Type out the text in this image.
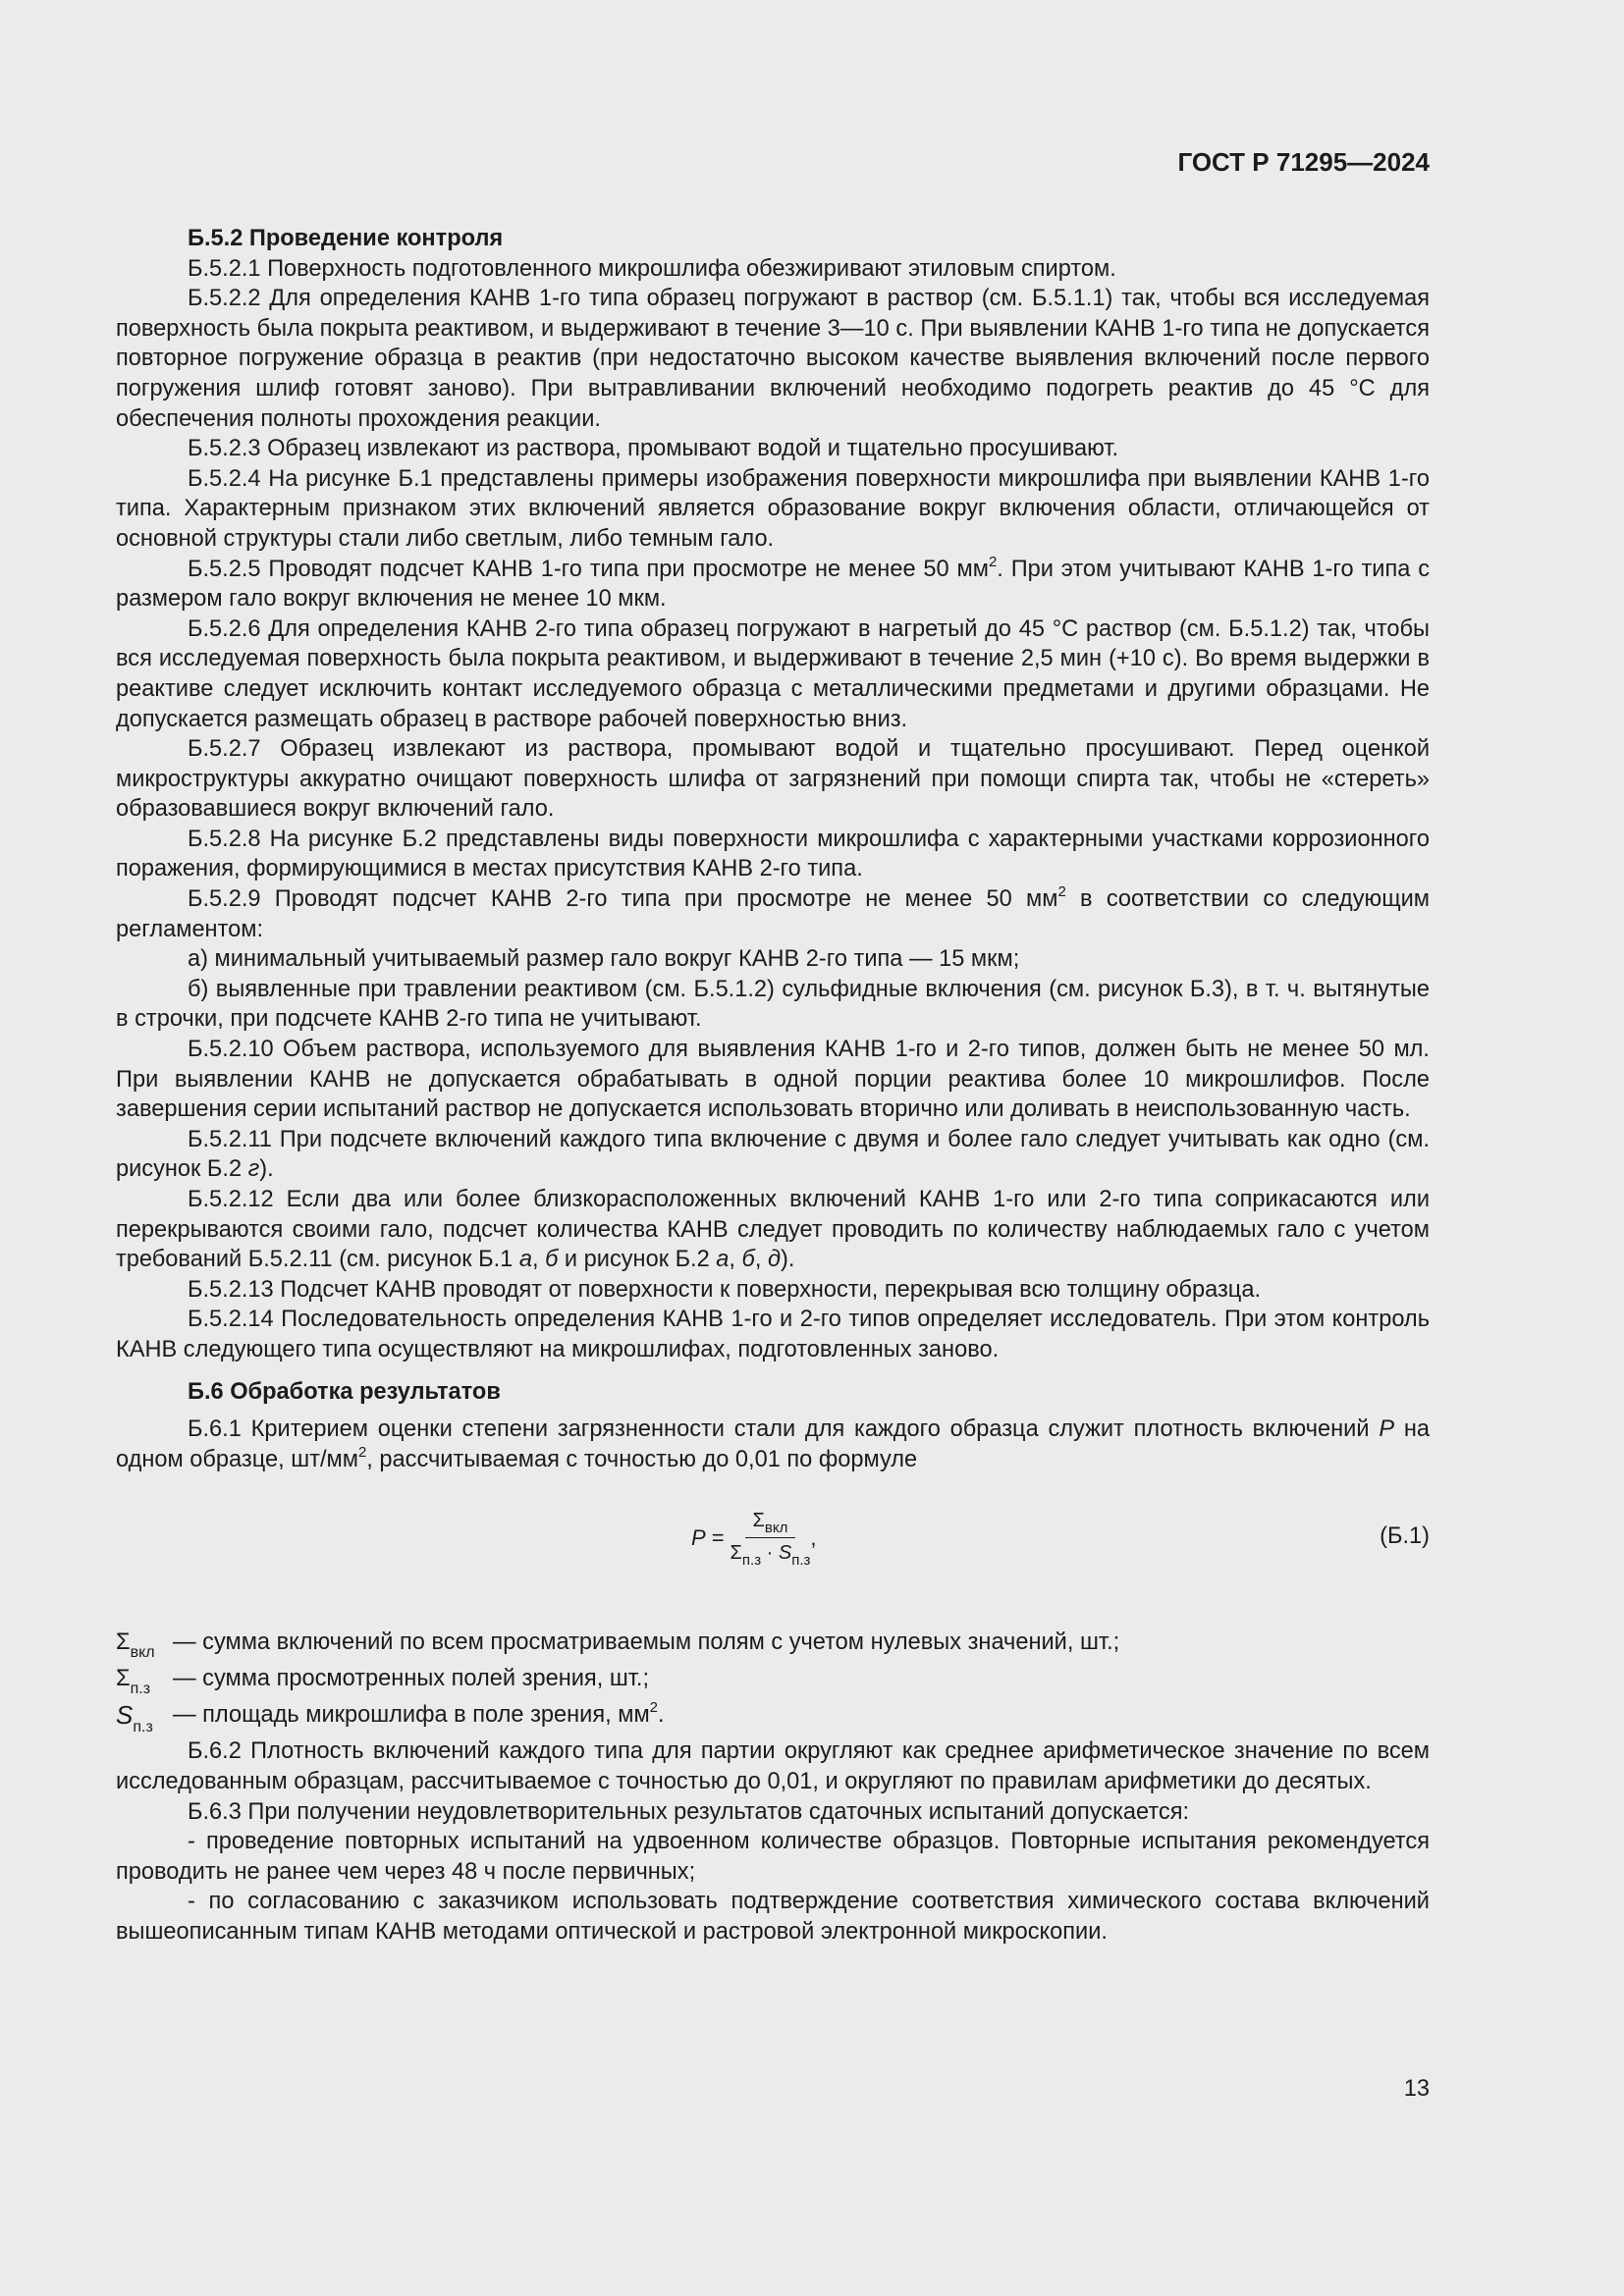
ГОСТ Р 71295—2024
Б.5.2 Проведение контроля

Б.5.2.1 Поверхность подготовленного микрошлифа обезжиривают этиловым спиртом.

Б.5.2.2 Для определения КАНВ 1-го типа образец погружают в раствор (см. Б.5.1.1) так, чтобы вся исследуемая поверхность была покрыта реактивом, и выдерживают в течение 3—10 с. При выявлении КАНВ 1-го типа не допускается повторное погружение образца в реактив (при недостаточно высоком качестве выявления включений после первого погружения шлиф готовят заново). При вытравливании включений необходимо подогреть реактив до 45 °С для обеспечения полноты прохождения реакции.

Б.5.2.3 Образец извлекают из раствора, промывают водой и тщательно просушивают.

Б.5.2.4 На рисунке Б.1 представлены примеры изображения поверхности микрошлифа при выявлении КАНВ 1-го типа. Характерным признаком этих включений является образование вокруг включения области, отличающейся от основной структуры стали либо светлым, либо темным гало.

Б.5.2.5 Проводят подсчет КАНВ 1-го типа при просмотре не менее 50 $мм^2$. При этом учитывают КАНВ 1-го типа с размером гало вокруг включения не менее 10 мкм.

Б.5.2.6 Для определения КАНВ 2-го типа образец погружают в нагретый до 45 °С раствор (см. Б.5.1.2) так, чтобы вся исследуемая поверхность была покрыта реактивом, и выдерживают в течение 2,5 мин (+10 с). Во время выдержки в реактиве следует исключить контакт исследуемого образца с металлическими предметами и другими образцами. Не допускается размещать образец в растворе рабочей поверхностью вниз.

Б.5.2.7 Образец извлекают из раствора, промывают водой и тщательно просушивают. Перед оценкой микроструктуры аккуратно очищают поверхность шлифа от загрязнений при помощи спирта так, чтобы не «стереть» образовавшиеся вокруг включений гало.

Б.5.2.8 На рисунке Б.2 представлены виды поверхности микрошлифа с характерными участками коррозионного поражения, формирующимися в местах присутствия КАНВ 2-го типа.

Б.5.2.9 Проводят подсчет КАНВ 2-го типа при просмотре не менее 50 $мм^2$ в соответствии со следующим регламентом:

а) минимальный учитываемый размер гало вокруг КАНВ 2-го типа — 15 мкм;

б) выявленные при травлении реактивом (см. Б.5.1.2) сульфидные включения (см. рисунок Б.3), в т. ч. вытянутые в строчки, при подсчете КАНВ 2-го типа не учитывают.

Б.5.2.10 Объем раствора, используемого для выявления КАНВ 1-го и 2-го типов, должен быть не менее 50 мл. При выявлении КАНВ не допускается обрабатывать в одной порции реактива более 10 микрошлифов. После завершения серии испытаний раствор не допускается использовать вторично или доливать в неиспользованную часть.

Б.5.2.11 При подсчете включений каждого типа включение с двумя и более гало следует учитывать как одно (см. рисунок Б.2 г).

Б.5.2.12 Если два или более близкорасположенных включений КАНВ 1-го или 2-го типа соприкасаются или перекрываются своими гало, подсчет количества КАНВ следует проводить по количеству наблюдаемых гало с учетом требований Б.5.2.11 (см. рисунок Б.1 а, б и рисунок Б.2 а, б, д).

Б.5.2.13 Подсчет КАНВ проводят от поверхности к поверхности, перекрывая всю толщину образца.

Б.5.2.14 Последовательность определения КАНВ 1-го и 2-го типов определяет исследователь. При этом контроль КАНВ следующего типа осуществляют на микрошлифах, подготовленных заново.

Б.6 Обработка результатов

Б.6.1 Критерием оценки степени загрязненности стали для каждого образца служит плотность включений Р на одном образце, $шт/мм^2$, рассчитываемая с точностью до 0,01 по формуле

$P = \frac{\Sigma_{вкл}}{\Sigma_{п.з} \cdot S_{п.з}}$ ,	(Б.1)
$\Sigma_{вкл}$ — сумма включений по всем просматриваемым полям с учетом нулевых значений, шт.;
$\Sigma_{п.з}$ — сумма просмотренных полей зрения, шт.;
$S_{п.з}$ — площадь микрошлифа в поле зрения, $мм^2$.

Б.6.2 Плотность включений каждого типа для партии округляют как среднее арифметическое значение по всем исследованным образцам, рассчитываемое с точностью до 0,01, и округляют по правилам арифметики до десятых.

Б.6.3 При получении неудовлетворительных результатов сдаточных испытаний допускается:

- проведение повторных испытаний на удвоенном количестве образцов. Повторные испытания рекомендуется проводить не ранее чем через 48 ч после первичных;

- по согласованию с заказчиком использовать подтверждение соответствия химического состава включений вышеописанным типам КАНВ методами оптической и растровой электронной микроскопии.

13
